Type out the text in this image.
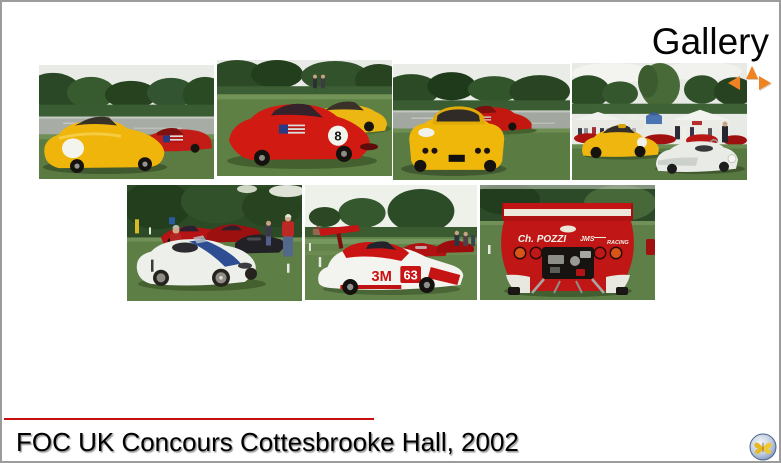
Gallery
8
3M 63
Ch. POZZI JMS RACING
FOC UK Concours Cottesbrooke Hall, 2002
